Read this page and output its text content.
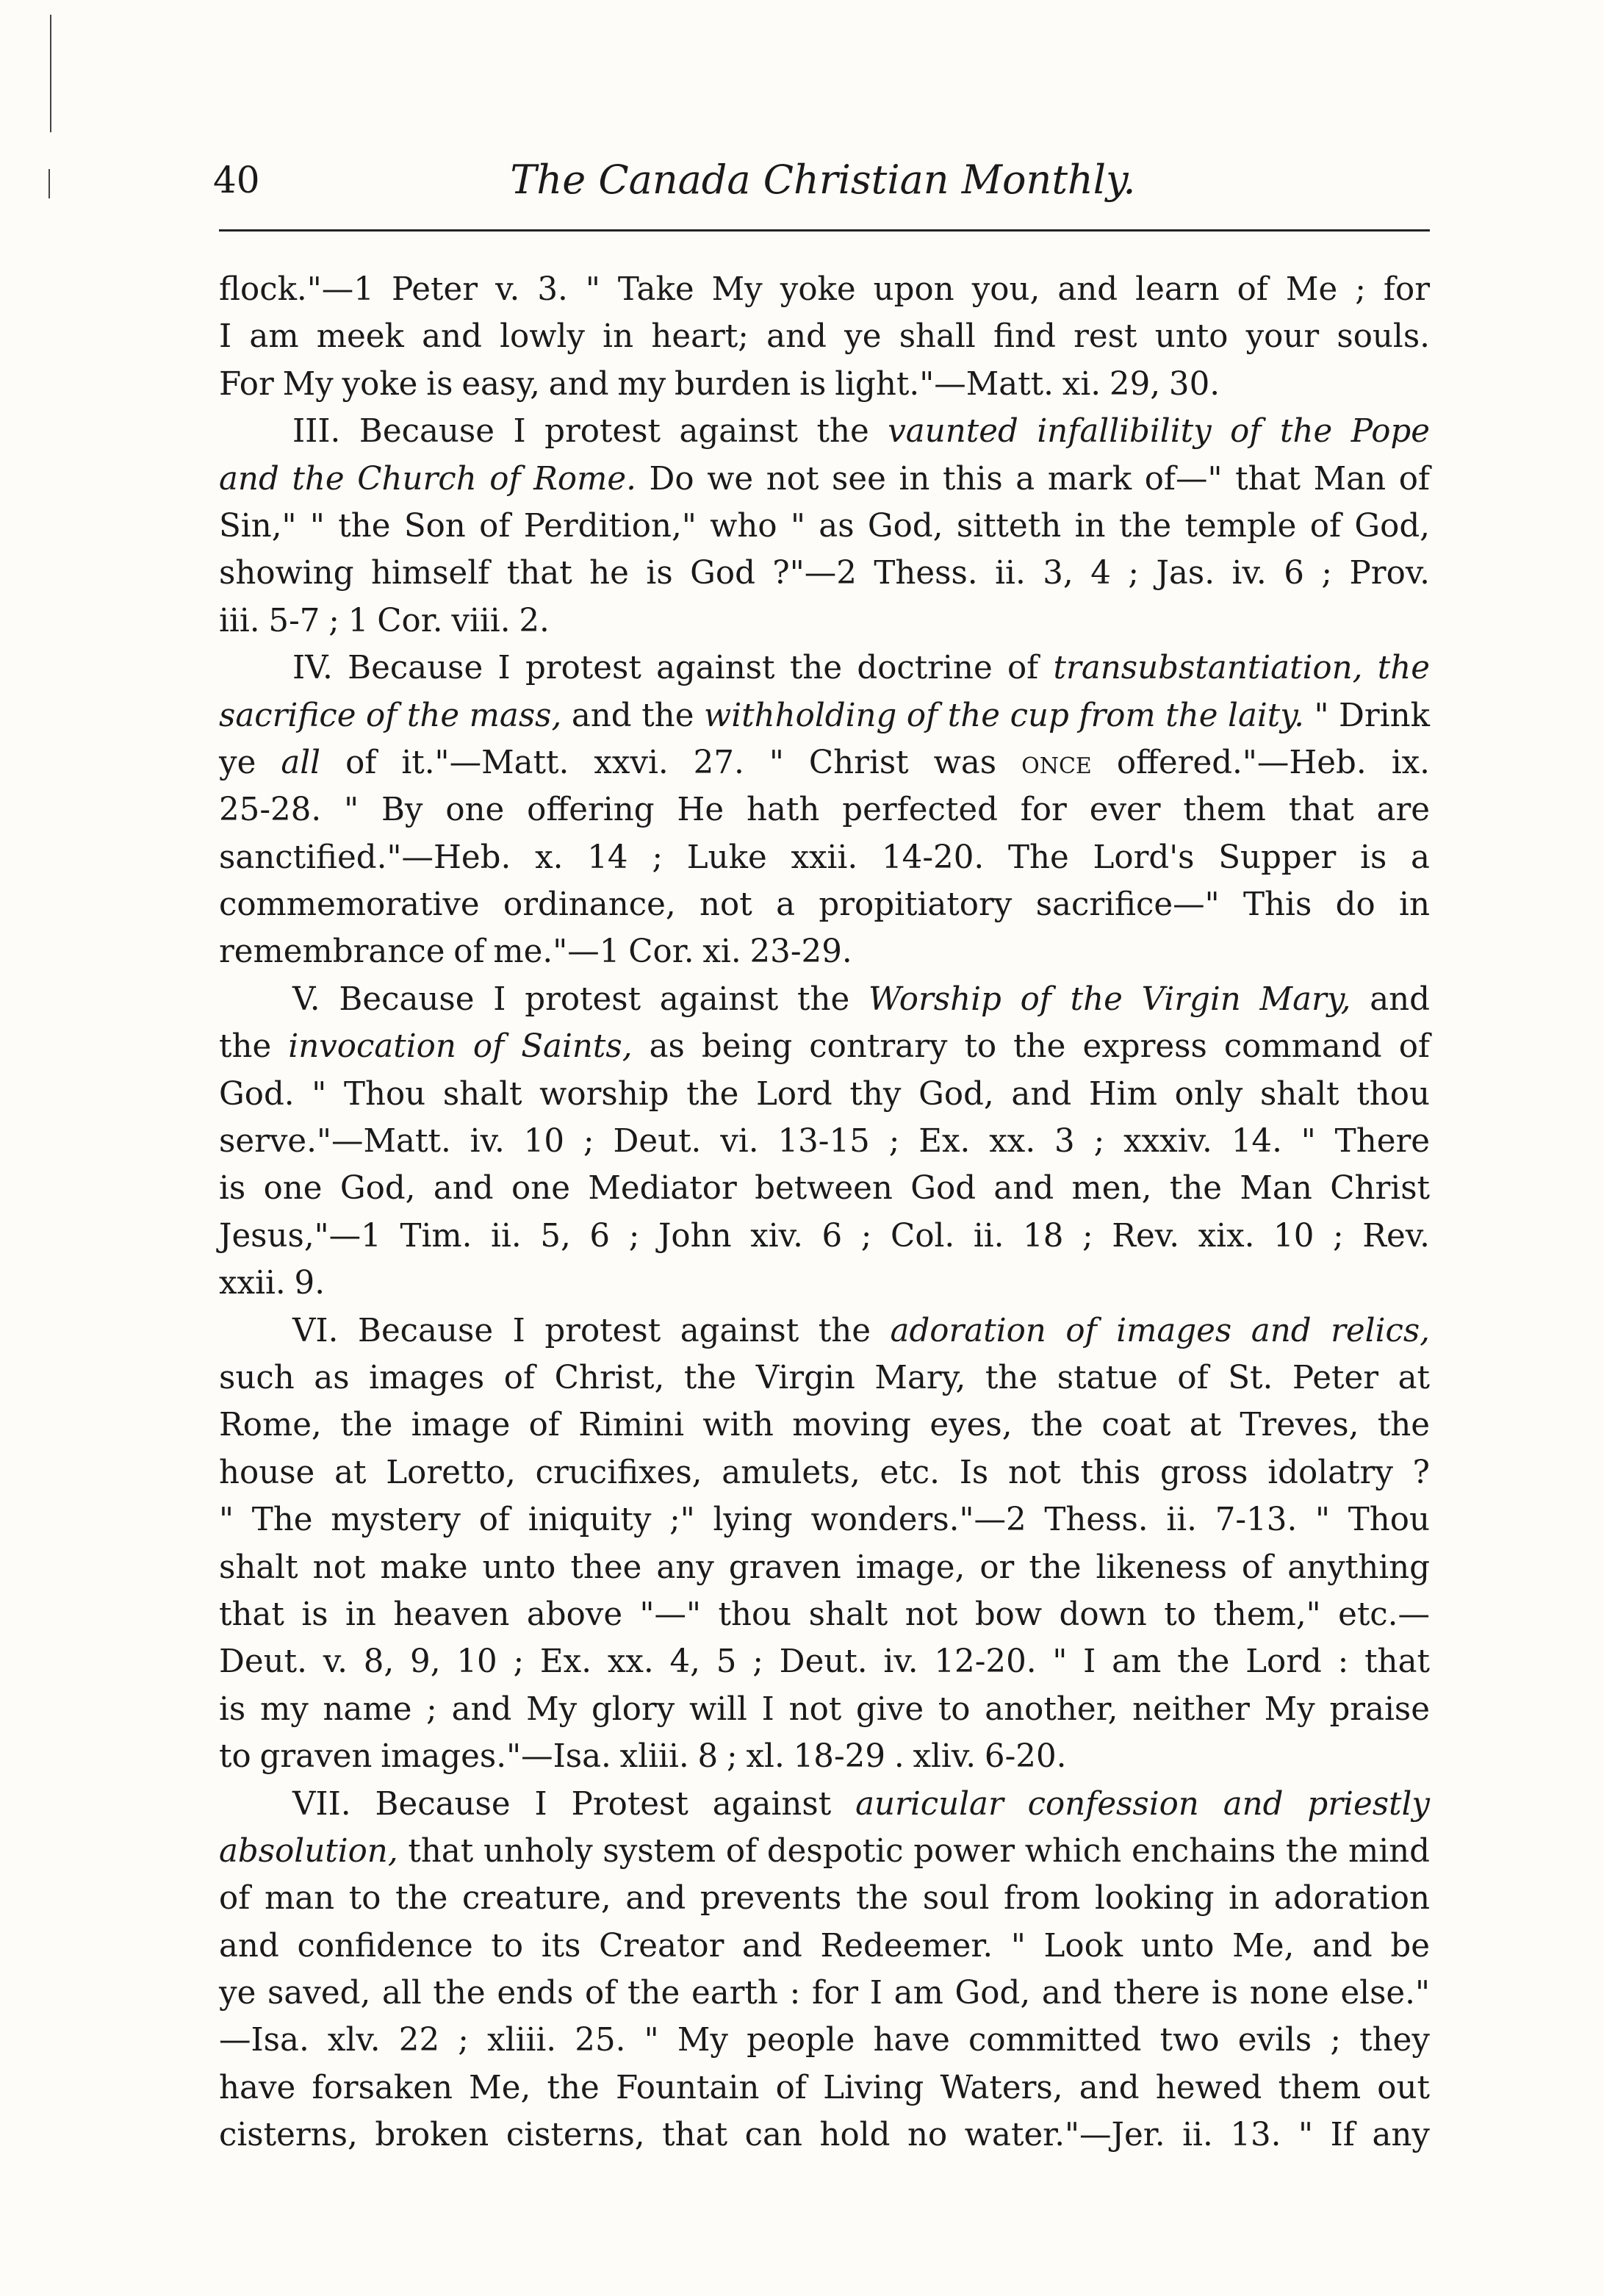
40	The Canada Christian Monthly.
flock."—1 Peter v. 3. " Take My yoke upon you, and learn of Me ; for
I am meek and lowly in heart; and ye shall find rest unto your souls.
For My yoke is easy, and my burden is light."—Matt. xi. 29, 30.
III. Because I protest against the vaunted infallibility of the Pope
and the Church of Rome. Do we not see in this a mark of—" that Man of
Sin," " the Son of Perdition," who " as God, sitteth in the temple of God,
showing himself that he is God ?"—2 Thess. ii. 3, 4 ; Jas. iv. 6 ; Prov.
iii. 5-7 ; 1 Cor. viii. 2.
IV. Because I protest against the doctrine of transubstantiation, the
sacrifice of the mass, and the withholding of the cup from the laity. " Drink
ye all of it."—Matt. xxvi. 27. " Christ was once offered."—Heb. ix.
25-28. " By one offering He hath perfected for ever them that are
sanctified."—Heb. x. 14 ; Luke xxii. 14-20. The Lord's Supper is a
commemorative ordinance, not a propitiatory sacrifice—" This do in
remembrance of me."—1 Cor. xi. 23-29.
V. Because I protest against the Worship of the Virgin Mary, and
the invocation of Saints, as being contrary to the express command of
God. " Thou shalt worship the Lord thy God, and Him only shalt thou
serve."—Matt. iv. 10 ; Deut. vi. 13-15 ; Ex. xx. 3 ; xxxiv. 14. " There
is one God, and one Mediator between God and men, the Man Christ
Jesus,"—1 Tim. ii. 5, 6 ; John xiv. 6 ; Col. ii. 18 ; Rev. xix. 10 ; Rev.
xxii. 9.
VI. Because I protest against the adoration of images and relics,
such as images of Christ, the Virgin Mary, the statue of St. Peter at
Rome, the image of Rimini with moving eyes, the coat at Treves, the
house at Loretto, crucifixes, amulets, etc. Is not this gross idolatry ?
" The mystery of iniquity ;" lying wonders."—2 Thess. ii. 7-13. " Thou
shalt not make unto thee any graven image, or the likeness of anything
that is in heaven above "—" thou shalt not bow down to them," etc.—
Deut. v. 8, 9, 10 ; Ex. xx. 4, 5 ; Deut. iv. 12-20. " I am the Lord : that
is my name ; and My glory will I not give to another, neither My praise
to graven images."—Isa. xliii. 8 ; xl. 18-29 . xliv. 6-20.
VII. Because I Protest against auricular confession and priestly
absolution, that unholy system of despotic power which enchains the mind
of man to the creature, and prevents the soul from looking in adoration
and confidence to its Creator and Redeemer. " Look unto Me, and be
ye saved, all the ends of the earth : for I am God, and there is none else."
—Isa. xlv. 22 ; xliii. 25. " My people have committed two evils ; they
have forsaken Me, the Fountain of Living Waters, and hewed them out
cisterns, broken cisterns, that can hold no water."—Jer. ii. 13. " If any
